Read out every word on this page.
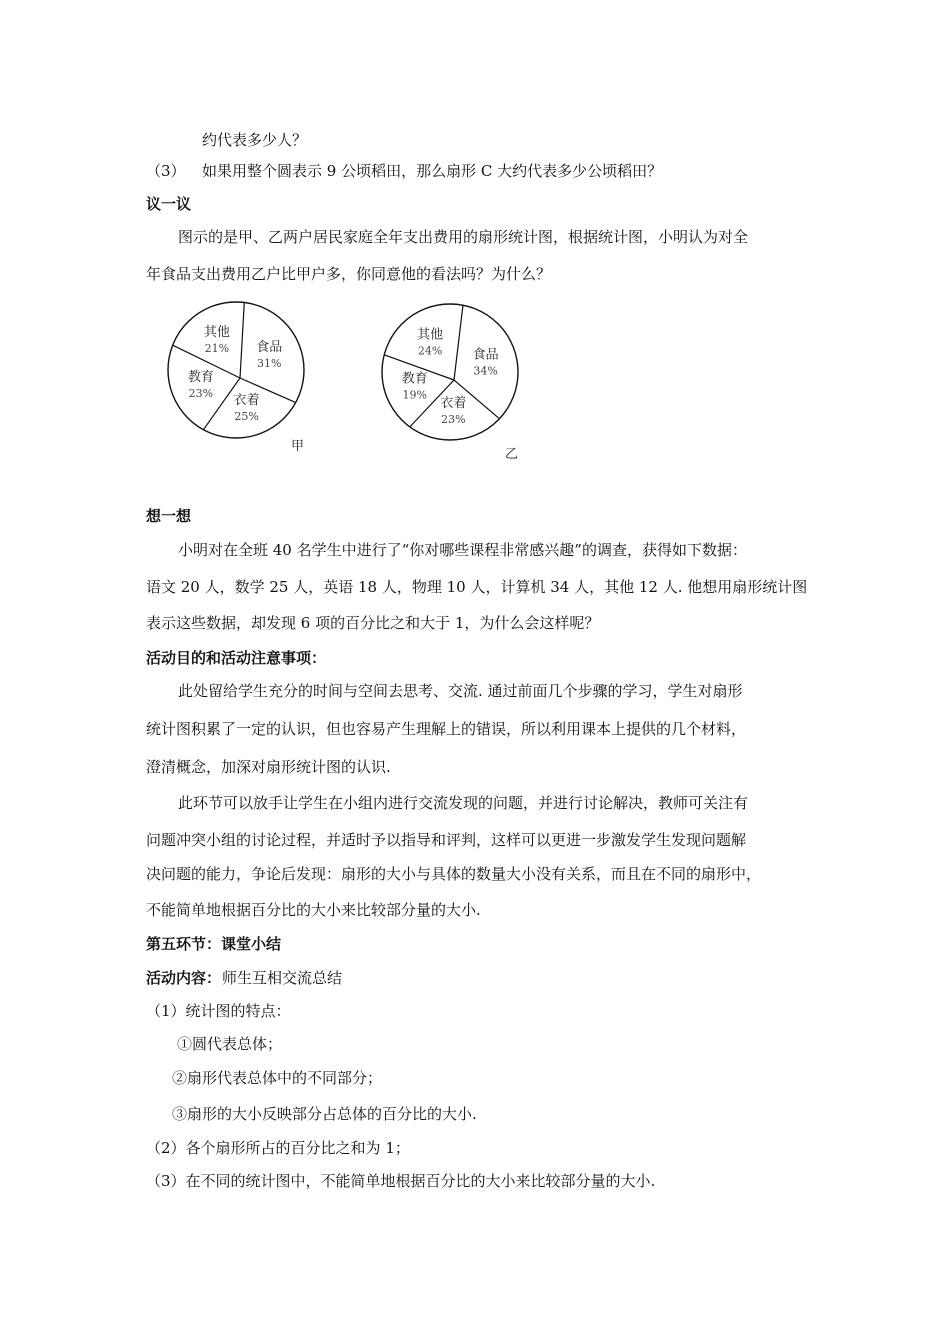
约代表多少人？
（3） 如果用整个圆表示 9 公顷稻田，那么扇形 C 大约代表多少公顷稻田？
议一议
图示的是甲、乙两户居民家庭全年支出费用的扇形统计图，根据统计图，小明认为对全
年食品支出费用乙户比甲户多，你同意他的看法吗？为什么？
食品
31%
衣着
25%
教育
23%
其他
21%
甲
食品
34%
衣着
23%
教育
19%
其他
24%
乙
想一想
小明对在全班 40 名学生中进行了“你对哪些课程非常感兴趣”的调查，获得如下数据：
语文 20 人，数学 25 人，英语 18 人，物理 10 人，计算机 34 人，其他 12 人. 他想用扇形统计图
表示这些数据，却发现 6 项的百分比之和大于 1，为什么会这样呢？
活动目的和活动注意事项：
此处留给学生充分的时间与空间去思考、交流. 通过前面几个步骤的学习，学生对扇形
统计图积累了一定的认识，但也容易产生理解上的错误，所以利用课本上提供的几个材料，
澄清概念，加深对扇形统计图的认识.
此环节可以放手让学生在小组内进行交流发现的问题，并进行讨论解决，教师可关注有
问题冲突小组的讨论过程，并适时予以指导和评判，这样可以更进一步激发学生发现问题解
决问题的能力，争论后发现：扇形的大小与具体的数量大小没有关系，而且在不同的扇形中，
不能简单地根据百分比的大小来比较部分量的大小.
第五环节：课堂小结
活动内容： 师生互相交流总结
（1）统计图的特点：
①圆代表总体；
②扇形代表总体中的不同部分；
③扇形的大小反映部分占总体的百分比的大小.
（2）各个扇形所占的百分比之和为 1；
（3）在不同的统计图中，不能简单地根据百分比的大小来比较部分量的大小.
